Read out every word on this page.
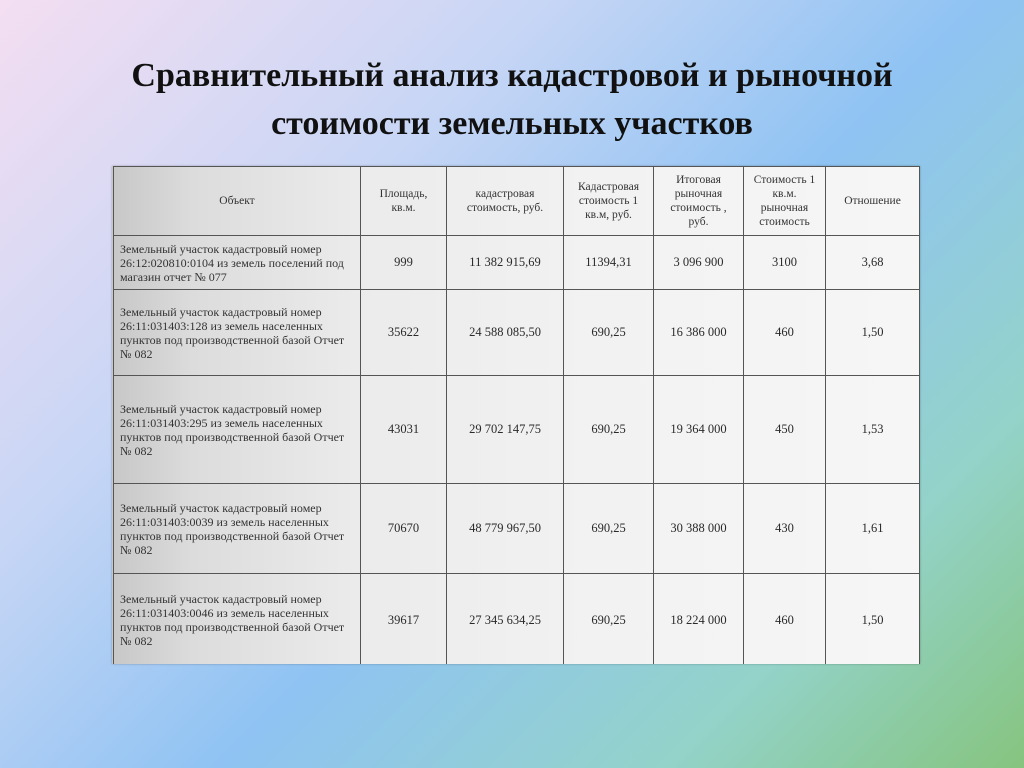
Сравнительный анализ кадастровой и рыночной
стоимости земельных участков
Объект	Площадь, кв.м.	кадастровая стоимость, руб.	Кадастровая стоимость 1 кв.м, руб.	Итоговая рыночная стоимость , руб.	Стоимость 1 кв.м. рыночная стоимость	Отношение
Земельный участок кадастровый номер 26:12:020810:0104 из земель поселений под магазин отчет № 077	999	11 382 915,69	11394,31	3 096 900	3100	3,68
Земельный участок кадастровый номер 26:11:031403:128 из земель населенных пунктов под производственной базой Отчет № 082	35622	24 588 085,50	690,25	16 386 000	460	1,50
Земельный участок кадастровый номер 26:11:031403:295 из земель населенных пунктов под производственной базой Отчет № 082	43031	29 702 147,75	690,25	19 364 000	450	1,53
Земельный участок кадастровый номер 26:11:031403:0039 из земель населенных пунктов под производственной базой Отчет № 082	70670	48 779 967,50	690,25	30 388 000	430	1,61
Земельный участок кадастровый номер 26:11:031403:0046 из земель населенных пунктов под производственной базой Отчет № 082	39617	27 345 634,25	690,25	18 224 000	460	1,50
